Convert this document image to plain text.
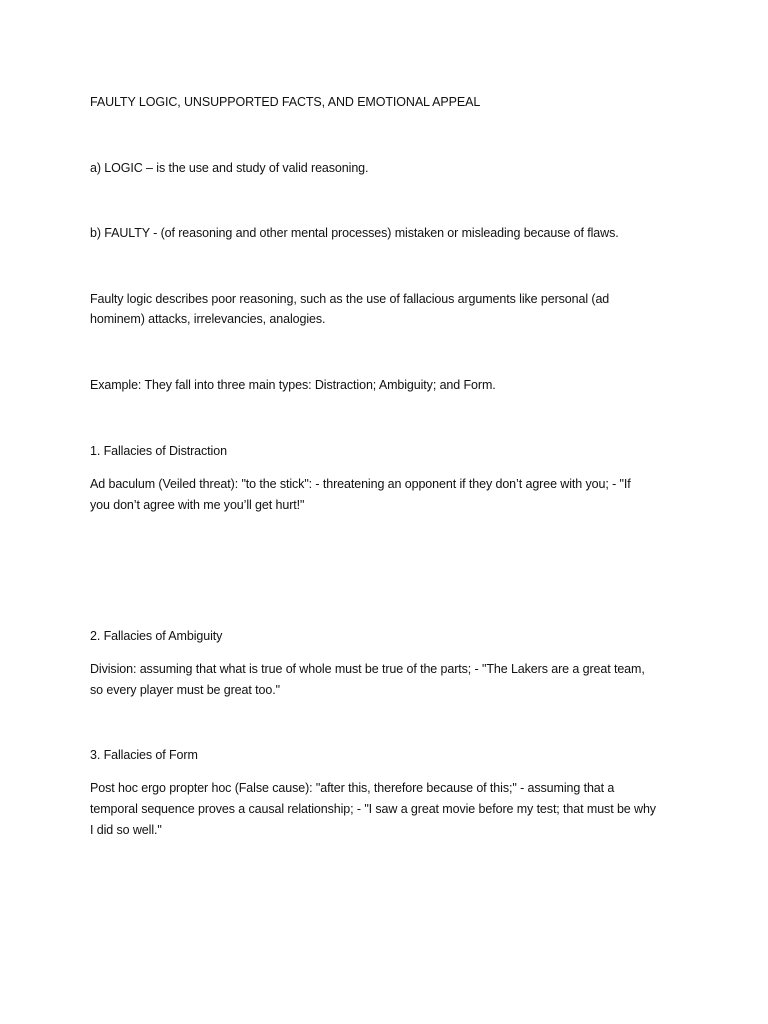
FAULTY LOGIC, UNSUPPORTED FACTS, AND EMOTIONAL APPEAL
a) LOGIC – is the use and study of valid reasoning.
b) FAULTY - (of reasoning and other mental processes) mistaken or misleading because of flaws.
Faulty logic describes poor reasoning, such as the use of fallacious arguments like personal (ad
hominem) attacks, irrelevancies, analogies.
Example: They fall into three main types: Distraction; Ambiguity; and Form.
1. Fallacies of Distraction
Ad baculum (Veiled threat): "to the stick": - threatening an opponent if they don’t agree with you; - "If
you don’t agree with me you’ll get hurt!"
2. Fallacies of Ambiguity
Division: assuming that what is true of whole must be true of the parts; - "The Lakers are a great team,
so every player must be great too."
3. Fallacies of Form
Post hoc ergo propter hoc (False cause): "after this, therefore because of this;" - assuming that a
temporal sequence proves a causal relationship; - "I saw a great movie before my test; that must be why
I did so well."
